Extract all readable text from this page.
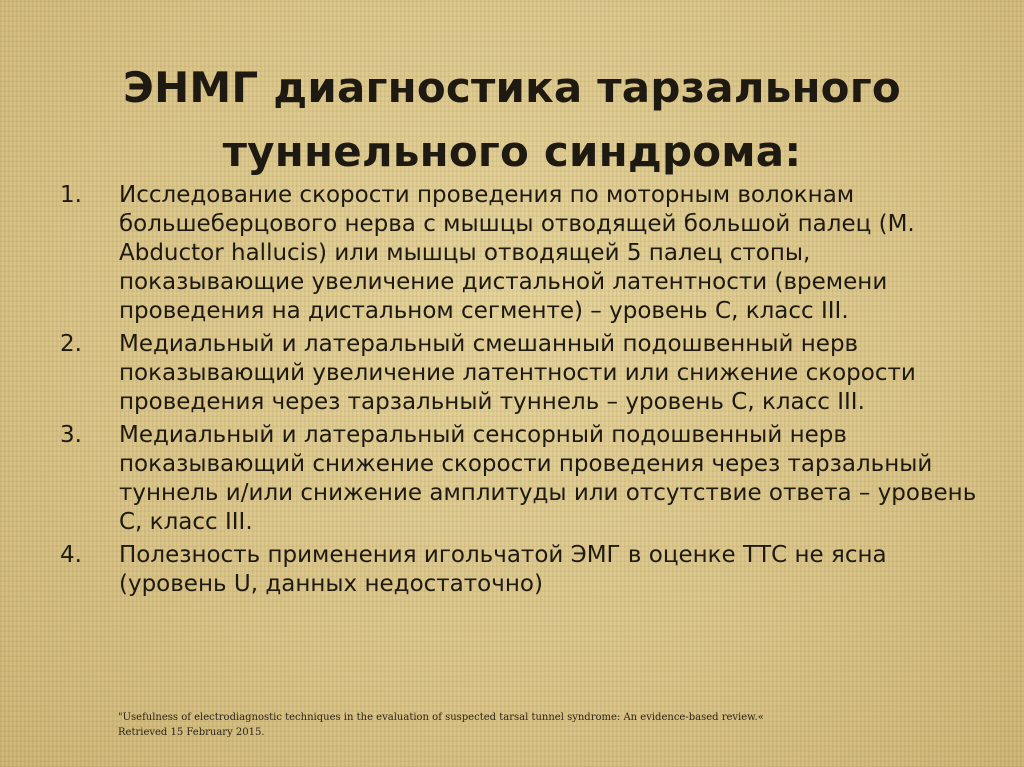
ЭНМГ диагностика тарзального
туннельного синдрома:
1. Исследование скорости проведения по моторным волокнам большеберцового нерва с мышцы отводящей большой палец (M. Abductor hallucis) или мышцы отводящей 5 палец стопы, показывающие увеличение дистальной латентности (времени проведения на дистальном сегменте) – уровень С, класс III.
2. Медиальный и латеральный смешанный подошвенный нерв показывающий увеличение латентности или снижение скорости проведения через тарзальный туннель – уровень С, класс III.
3. Медиальный и латеральный сенсорный подошвенный нерв показывающий снижение скорости проведения через тарзальный туннель и/или снижение амплитуды или отсутствие ответа – уровень С, класс III.
4. Полезность применения игольчатой ЭМГ в оценке ТТС не ясна (уровень U, данных недостаточно)
"Usefulness of electrodiagnostic techniques in the evaluation of suspected tarsal tunnel syndrome: An evidence-based review.«
Retrieved 15 February 2015.
